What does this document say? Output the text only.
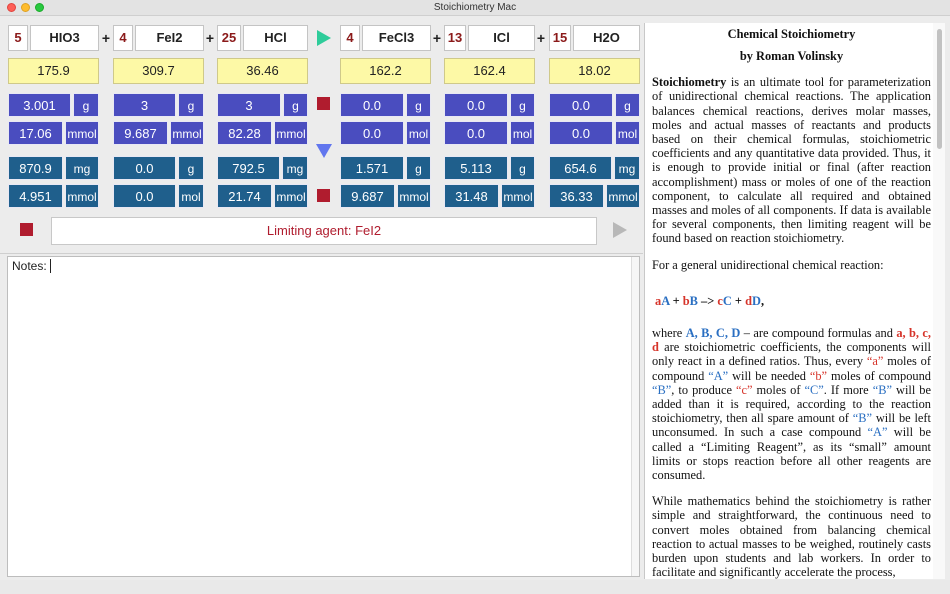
Stoichiometry Mac
5	HIO3	+ 4	FeI2	+ 25	HCl	4	FeCl3	+ 13	ICl	+ 15	H2O
175.9	309.7	36.46	162.2	162.4	18.02
3.001	g	3	g	3	g	0.0	g	0.0	g	0.0	g
17.06	mmol	9.687	mmol	82.28	mmol	0.0	mol	0.0	mol	0.0	mol
870.9	mg	0.0	g	792.5	mg	1.571	g	5.113	g	654.6	mg
4.951	mmol	0.0	mol	21.74	mmol	9.687	mmol	31.48	mmol	36.33	mmol
Limiting agent: FeI2
Notes:
Chemical Stoichiometry
by Roman Volinsky

Stoichiometry is an ultimate tool for parameterization of unidirectional chemical reactions. The application balances chemical reactions, derives molar masses, moles and actual masses of reactants and products based on their chemical formulas, stoichiometric coefficients and any quantitative data provided. Thus, it is enough to provide initial or final (after reaction accomplishment) mass or moles of one of the reaction component, to calculate all required and obtained masses and moles of all components. If data is available for several components, then limiting reagent will be found based on reaction stoichiometry.

For a general unidirectional chemical reaction:

aA + bB –> cC + dD,

where A, B, C, D – are compound formulas and a, b, c, d are stoichiometric coefficients, the components will only react in a defined ratios. Thus, every “a” moles of compound “A” will be needed “b” moles of compound “B”, to produce “c” moles of “C”. If more “B” will be added than it is required, according to the reaction stoichiometry, then all spare amount of “B” will be left unconsumed. In such a case compound “A” will be called a “Limiting Reagent”, as its “small” amount limits or stops reaction before all other reagents are consumed.

While mathematics behind the stoichiometry is rather simple and straightforward, the continuous need to convert moles obtained from balancing chemical reaction to actual masses to be weighed, routinely casts burden upon students and lab workers. In order to facilitate and significantly accelerate the process,
